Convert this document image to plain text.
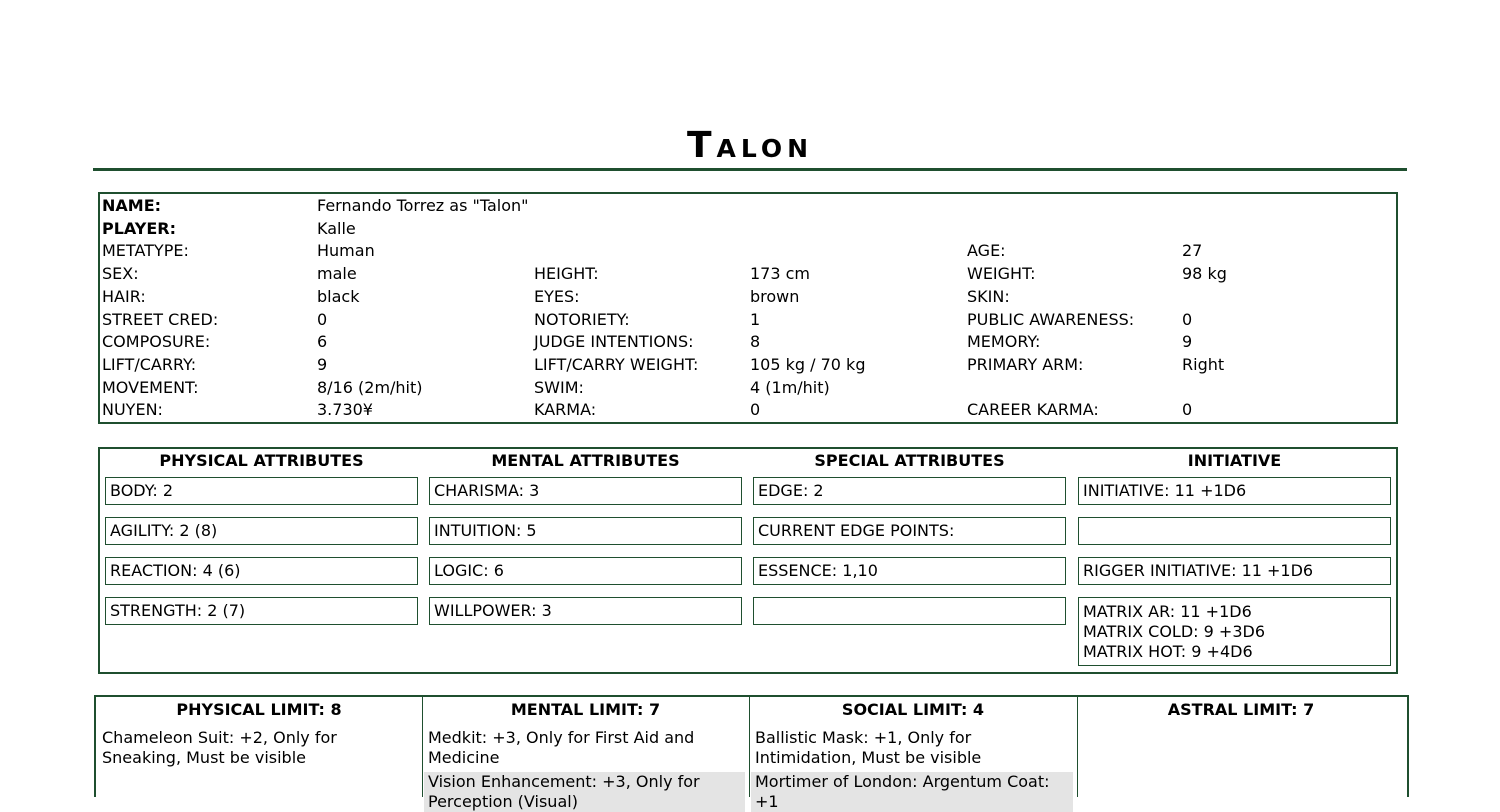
TALON
NAME:	Fernando Torrez as "Talon"
PLAYER:	Kalle
METATYPE:	Human	AGE:	27
SEX:	male	HEIGHT:	173 cm	WEIGHT:	98 kg
HAIR:	black	EYES:	brown	SKIN:
STREET CRED:	0	NOTORIETY:	1	PUBLIC AWARENESS:	0
COMPOSURE:	6	JUDGE INTENTIONS:	8	MEMORY:	9
LIFT/CARRY:	9	LIFT/CARRY WEIGHT:	105 kg / 70 kg	PRIMARY ARM:	Right
MOVEMENT:	8/16 (2m/hit)	SWIM:	4 (1m/hit)
NUYEN:	3.730¥	KARMA:	0	CAREER KARMA:	0
PHYSICAL ATTRIBUTES
BODY: 2
AGILITY: 2 (8)
REACTION: 4 (6)
STRENGTH: 2 (7)
MENTAL ATTRIBUTES
CHARISMA: 3
INTUITION: 5
LOGIC: 6
WILLPOWER: 3
SPECIAL ATTRIBUTES
EDGE: 2
CURRENT EDGE POINTS:
ESSENCE: 1,10
INITIATIVE
INITIATIVE: 11 +1D6
RIGGER INITIATIVE: 11 +1D6
MATRIX AR: 11 +1D6
MATRIX COLD: 9 +3D6
MATRIX HOT: 9 +4D6
PHYSICAL LIMIT: 8
Chameleon Suit: +2, Only for Sneaking, Must be visible
MENTAL LIMIT: 7
Medkit: +3, Only for First Aid and Medicine
Vision Enhancement: +3, Only for Perception (Visual)
SOCIAL LIMIT: 4
Ballistic Mask: +1, Only for Intimidation, Must be visible
Mortimer of London: Argentum Coat: +1
ASTRAL LIMIT: 7
